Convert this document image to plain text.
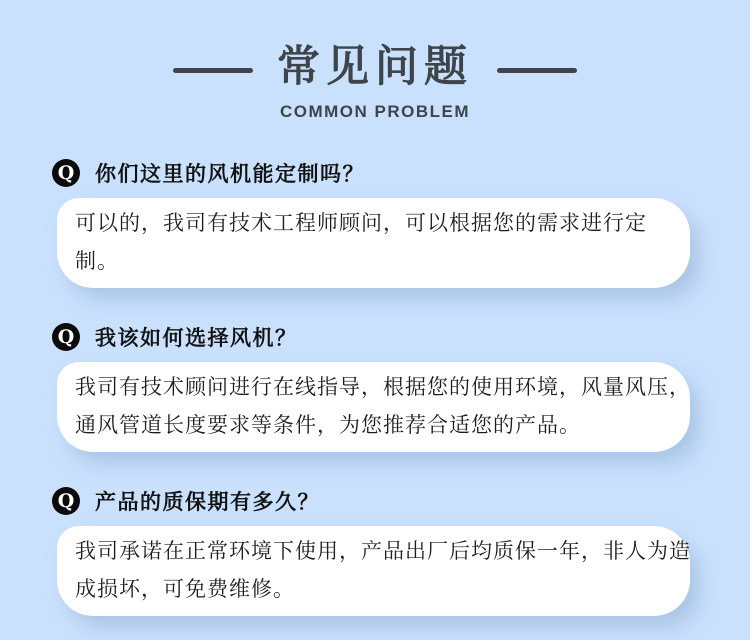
常见问题
COMMON PROBLEM
Q 你们这里的风机能定制吗？
可以的，我司有技术工程师顾问，可以根据您的需求进行定
制。
Q 我该如何选择风机？
我司有技术顾问进行在线指导，根据您的使用环境，风量风压，
通风管道长度要求等条件，为您推荐合适您的产品。
Q 产品的质保期有多久？
我司承诺在正常环境下使用，产品出厂后均质保一年，非人为造
成损坏，可免费维修。
